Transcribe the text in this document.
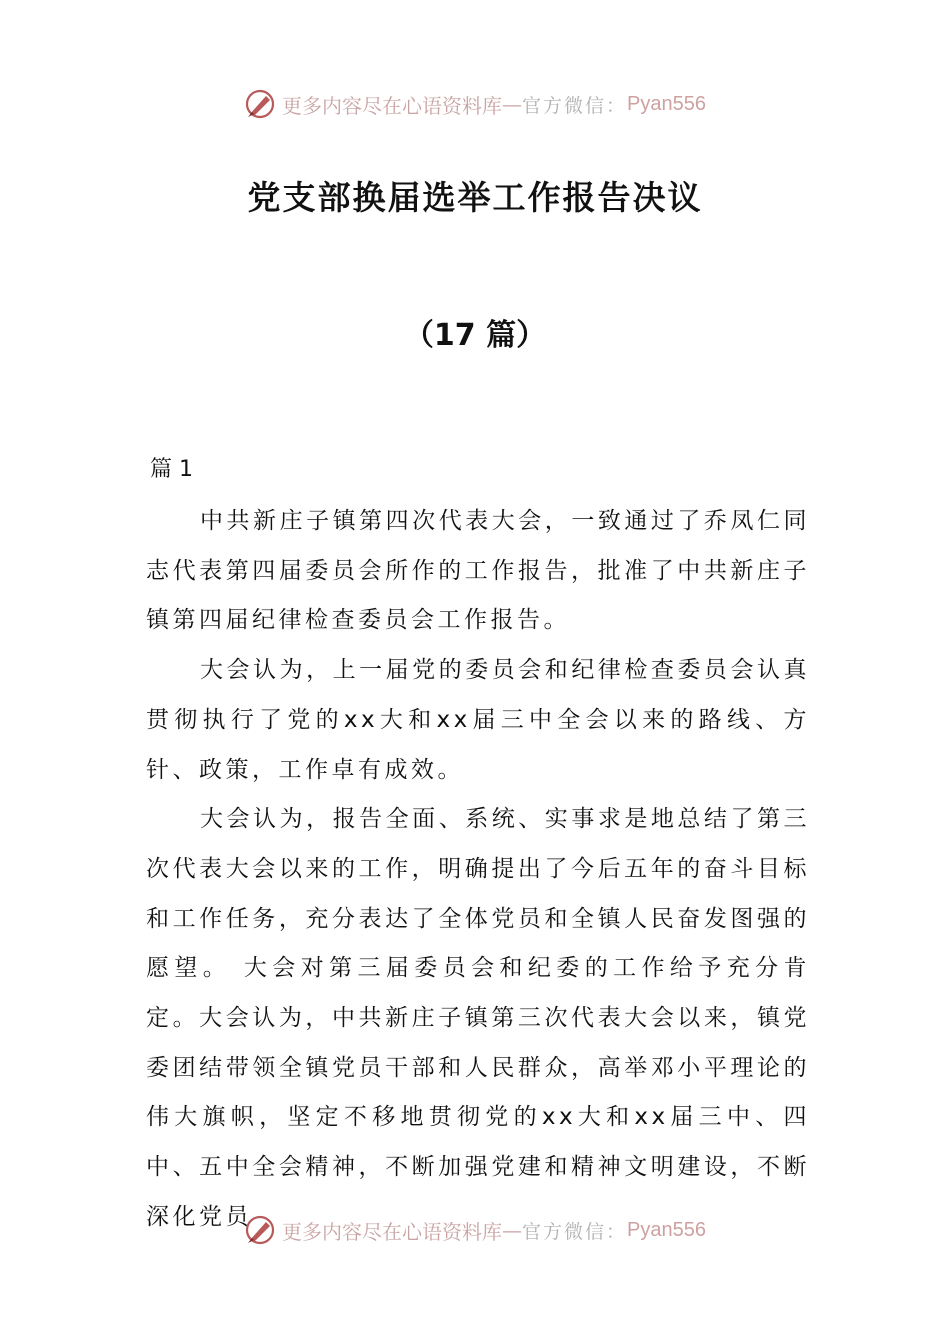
更多内容尽在心语资料库 — 官方微信： Pyan556
党支部换届选举工作报告决议
（17 篇）
篇 1

中共新庄子镇第四次代表大会，一致通过了乔凤仁同志代表第四届委员会所作的工作报告，批准了中共新庄子镇第四届纪律检查委员会工作报告。

大会认为，上一届党的委员会和纪律检查委员会认真贯彻执行了党的xx大和xx届三中全会以来的路线、方针、政策，工作卓有成效。

大会认为，报告全面、系统、实事求是地总结了第三次代表大会以来的工作，明确提出了今后五年的奋斗目标和工作任务，充分表达了全体党员和全镇人民奋发图强的愿望。 大会对第三届委员会和纪委的工作给予充分肯定。大会认为，中共新庄子镇第三次代表大会以来，镇党委团结带领全镇党员干部和人民群众，高举邓小平理论的伟大旗帜，坚定不移地贯彻党的xx大和xx届三中、四中、五中全会精神，不断加强党建和精神文明建设，不断深化党员

更多内容尽在心语资料库 — 官方微信： Pyan556
